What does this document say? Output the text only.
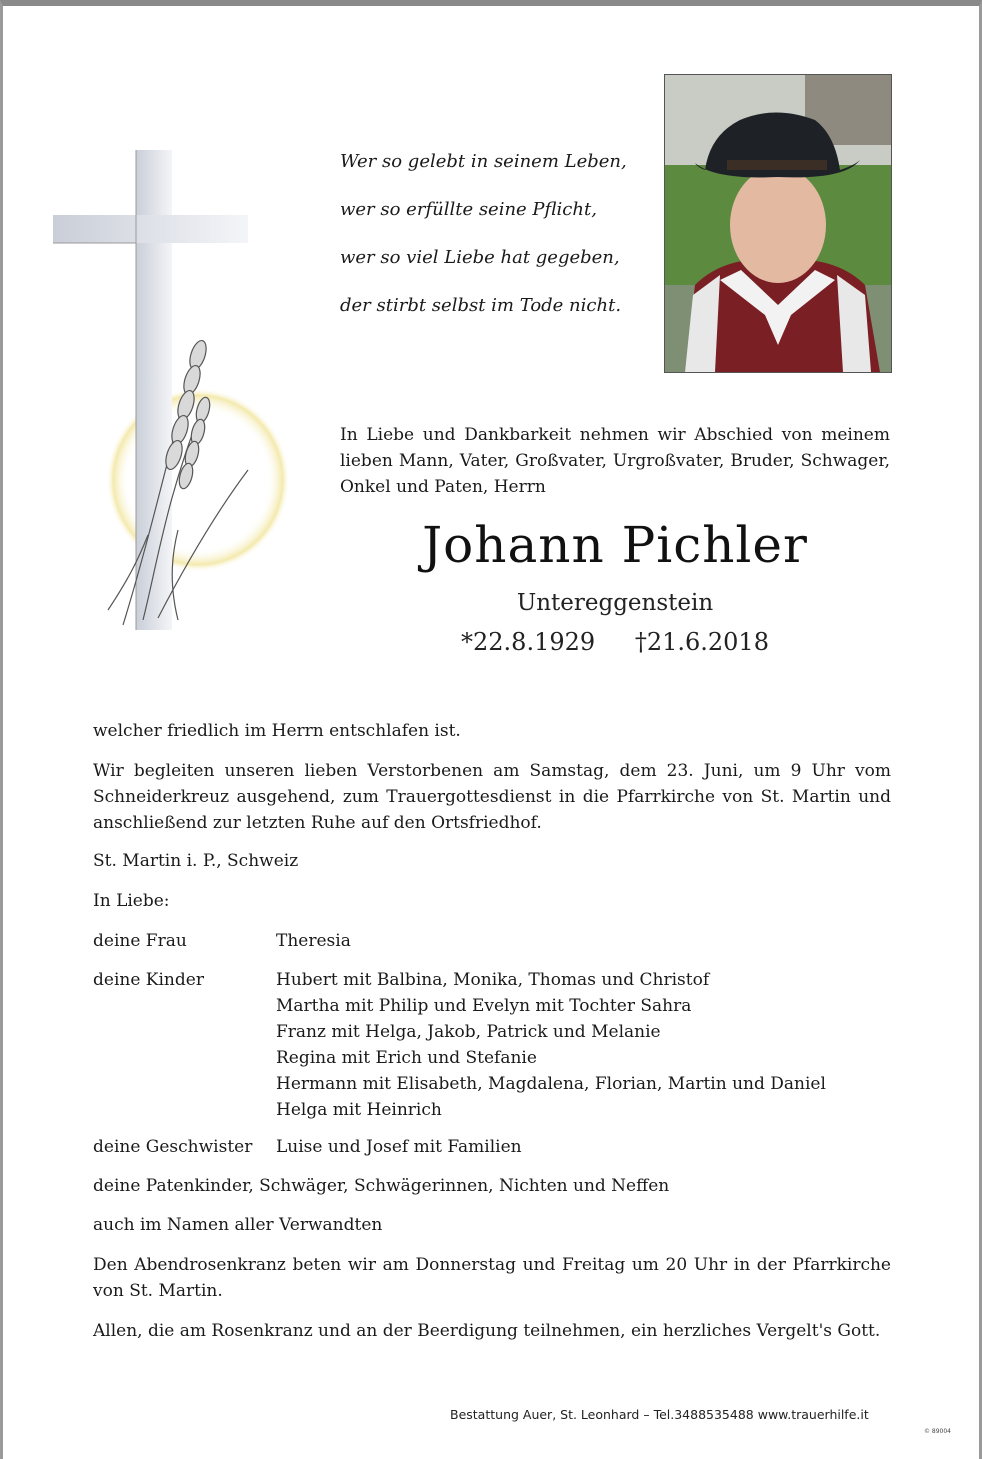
Wer so gelebt in seinem Leben,
wer so erfüllte seine Pflicht,
wer so viel Liebe hat gegeben,
der stirbt selbst im Tode nicht.
In Liebe und Dankbarkeit nehmen wir Abschied von meinem lieben Mann, Vater, Großvater, Urgroßvater, Bruder, Schwager, Onkel und Paten, Herrn
Johann Pichler
Untereggenstein
*22.8.1929 †21.6.2018
welcher friedlich im Herrn entschlafen ist.
Wir begleiten unseren lieben Verstorbenen am Samstag, dem 23. Juni, um 9 Uhr vom Schneiderkreuz ausgehend, zum Trauergottesdienst in die Pfarrkirche von St. Martin und anschließend zur letzten Ruhe auf den Ortsfriedhof.
St. Martin i. P., Schweiz
In Liebe:
deine Frau	Theresia
deine Kinder	Hubert mit Balbina, Monika, Thomas und Christof
Martha mit Philip und Evelyn mit Tochter Sahra
Franz mit Helga, Jakob, Patrick und Melanie
Regina mit Erich und Stefanie
Hermann mit Elisabeth, Magdalena, Florian, Martin und Daniel
Helga mit Heinrich
deine Geschwister Luise und Josef mit Familien
deine Patenkinder, Schwäger, Schwägerinnen, Nichten und Neffen
auch im Namen aller Verwandten
Den Abendrosenkranz beten wir am Donnerstag und Freitag um 20 Uhr in der Pfarrkirche von St. Martin.
Allen, die am Rosenkranz und an der Beerdigung teilnehmen, ein herzliches Vergelt's Gott.
Bestattung Auer, St. Leonhard – Tel.3488535488 www.trauerhilfe.it
© 89004
